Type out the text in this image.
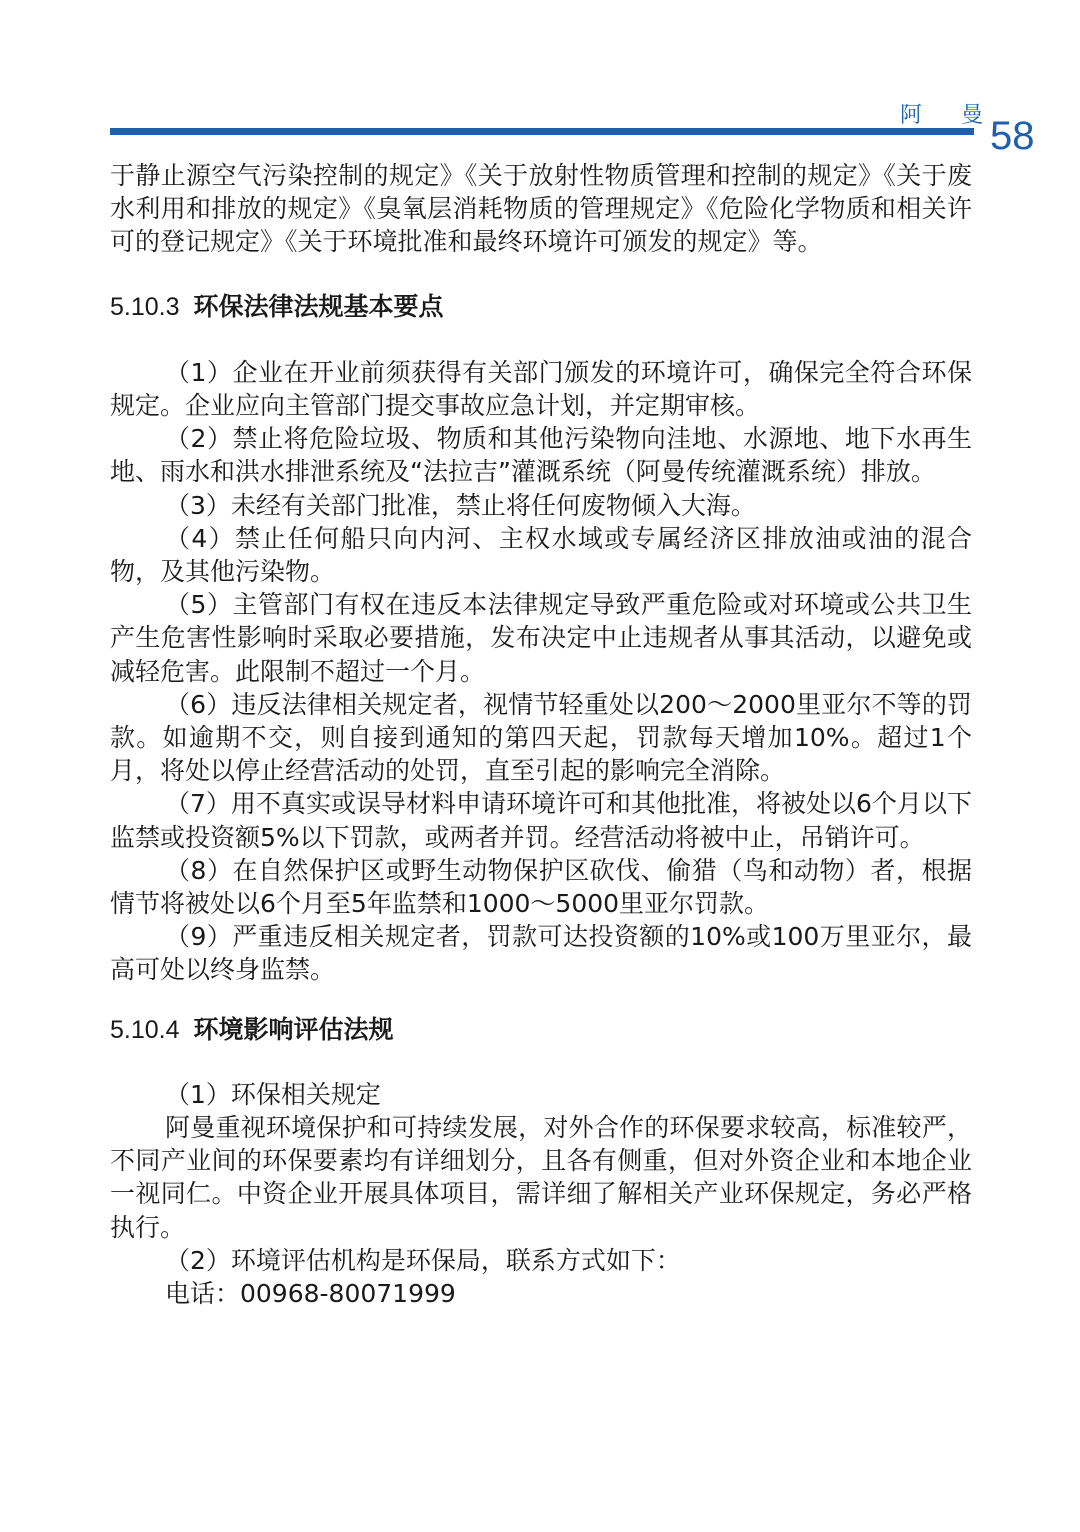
阿 曼
58

于静止源空气污染控制的规定》《关于放射性物质管理和控制的规定》《关于废水利用和排放的规定》《臭氧层消耗物质的管理规定》《危险化学物质和相关许可的登记规定》《关于环境批准和最终环境许可颁发的规定》等。

5.10.3 环保法律法规基本要点

（1）企业在开业前须获得有关部门颁发的环境许可，确保完全符合环保规定。企业应向主管部门提交事故应急计划，并定期审核。

（2）禁止将危险垃圾、物质和其他污染物向洼地、水源地、地下水再生地、雨水和洪水排泄系统及“法拉吉”灌溉系统（阿曼传统灌溉系统）排放。

（3）未经有关部门批准，禁止将任何废物倾入大海。

（4）禁止任何船只向内河、主权水域或专属经济区排放油或油的混合物，及其他污染物。

（5）主管部门有权在违反本法律规定导致严重危险或对环境或公共卫生产生危害性影响时采取必要措施，发布决定中止违规者从事其活动，以避免或减轻危害。此限制不超过一个月。

（6）违反法律相关规定者，视情节轻重处以200～2000里亚尔不等的罚款。如逾期不交，则自接到通知的第四天起，罚款每天增加10%。超过1个月，将处以停止经营活动的处罚，直至引起的影响完全消除。

（7）用不真实或误导材料申请环境许可和其他批准，将被处以6个月以下监禁或投资额5%以下罚款，或两者并罚。经营活动将被中止，吊销许可。

（8）在自然保护区或野生动物保护区砍伐、偷猎（鸟和动物）者，根据情节将被处以6个月至5年监禁和1000～5000里亚尔罚款。

（9）严重违反相关规定者，罚款可达投资额的10%或100万里亚尔，最高可处以终身监禁。

5.10.4 环境影响评估法规

（1）环保相关规定

阿曼重视环境保护和可持续发展，对外合作的环保要求较高，标准较严，不同产业间的环保要素均有详细划分，且各有侧重，但对外资企业和本地企业一视同仁。中资企业开展具体项目，需详细了解相关产业环保规定，务必严格执行。

（2）环境评估机构是环保局，联系方式如下：

电话：00968-80071999
